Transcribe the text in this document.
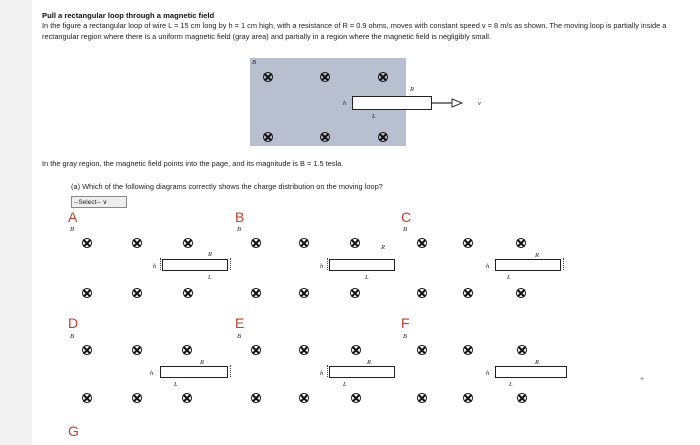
Pull a rectangular loop through a magnetic field
In the figure a rectangular loop of wire L = 15 cm long by h = 1 cm high, with a resistance of R = 0.9 ohms, moves with constant speed v = 8 m/s as shown. The moving loop is partially inside a rectangular region where there is a uniform magnetic field (gray area) and partially in a region where the magnetic field is negligibly small.
B
h
L
R
v
In the gray region, the magnetic field points into the page, and its magnitude is B = 1.5 tesla.
(a) Which of the following diagrams correctly shows the charge distribution on the moving loop?
--Select-- ∨
A
B
R
h
L
B
B
R
h
L
C
B
R
h
L
D
B
R
h
L
E
B
R
h
L
F
B
R
h
L
G
+
